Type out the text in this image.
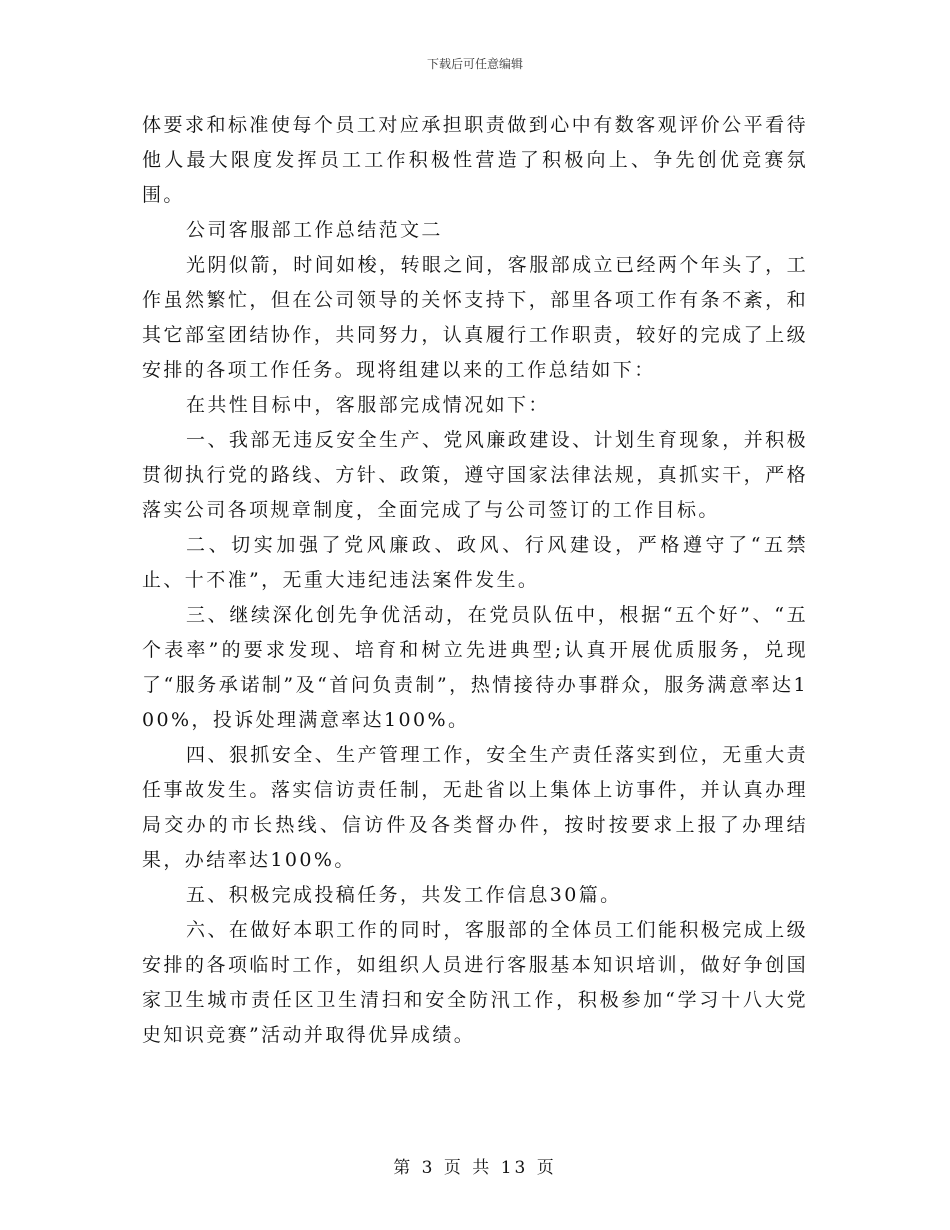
下载后可任意编辑

体要求和标准使每个员工对应承担职责做到心中有数客观评价公平看待他人最大限度发挥员工工作积极性营造了积极向上、争先创优竞赛氛围。

公司客服部工作总结范文二

光阴似箭，时间如梭，转眼之间，客服部成立已经两个年头了，工作虽然繁忙，但在公司领导的关怀支持下，部里各项工作有条不紊，和其它部室团结协作，共同努力，认真履行工作职责，较好的完成了上级安排的各项工作任务。现将组建以来的工作总结如下：

在共性目标中，客服部完成情况如下：

一、我部无违反安全生产、党风廉政建设、计划生育现象，并积极贯彻执行党的路线、方针、政策，遵守国家法律法规，真抓实干，严格落实公司各项规章制度，全面完成了与公司签订的工作目标。

二、切实加强了党风廉政、政风、行风建设，严格遵守了“五禁止、十不准”，无重大违纪违法案件发生。

三、继续深化创先争优活动，在党员队伍中，根据“五个好”、“五个表率”的要求发现、培育和树立先进典型;认真开展优质服务，兑现了“服务承诺制”及“首问负责制”，热情接待办事群众，服务满意率达100%，投诉处理满意率达100%。

四、狠抓安全、生产管理工作，安全生产责任落实到位，无重大责任事故发生。落实信访责任制，无赴省以上集体上访事件，并认真办理局交办的市长热线、信访件及各类督办件，按时按要求上报了办理结果，办结率达100%。

五、积极完成投稿任务，共发工作信息30篇。

六、在做好本职工作的同时，客服部的全体员工们能积极完成上级安排的各项临时工作，如组织人员进行客服基本知识培训，做好争创国家卫生城市责任区卫生清扫和安全防汛工作，积极参加“学习十八大党史知识竞赛”活动并取得优异成绩。

第 3 页 共 13 页
